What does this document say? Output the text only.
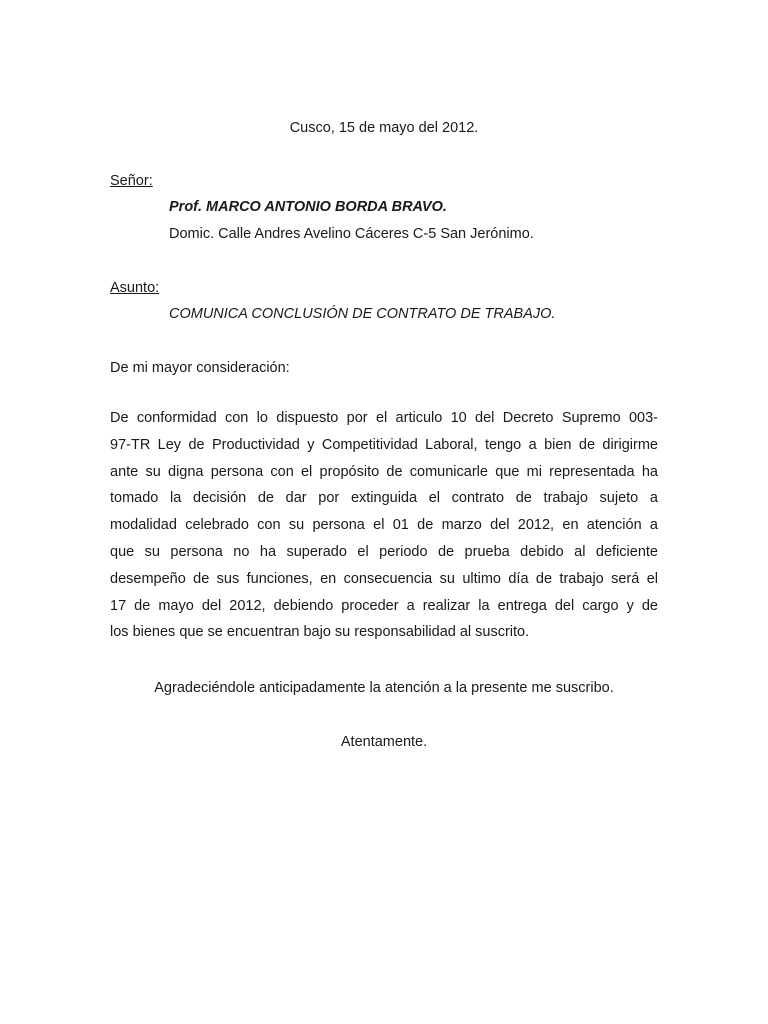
Cusco, 15 de mayo del 2012.
Señor:
Prof. MARCO ANTONIO BORDA BRAVO.
Domic. Calle Andres Avelino Cáceres C-5 San Jerónimo.
Asunto:
COMUNICA CONCLUSIÓN DE CONTRATO DE TRABAJO.
De mi mayor consideración:
De conformidad con lo dispuesto por el articulo 10 del Decreto Supremo 003-
97-TR Ley de Productividad y Competitividad Laboral, tengo a bien de dirigirme
ante su digna persona con el propósito de comunicarle que mi representada ha
tomado la decisión de dar por extinguida el contrato de trabajo sujeto a
modalidad celebrado con su persona el 01 de marzo del 2012, en atención a
que su persona no ha superado el periodo de prueba debido al deficiente
desempeño de sus funciones, en consecuencia su ultimo día de trabajo será el
17 de mayo del 2012, debiendo proceder a realizar la entrega del cargo y de
los bienes que se encuentran bajo su responsabilidad al suscrito.
Agradeciéndole anticipadamente la atención a la presente me suscribo.
Atentamente.
